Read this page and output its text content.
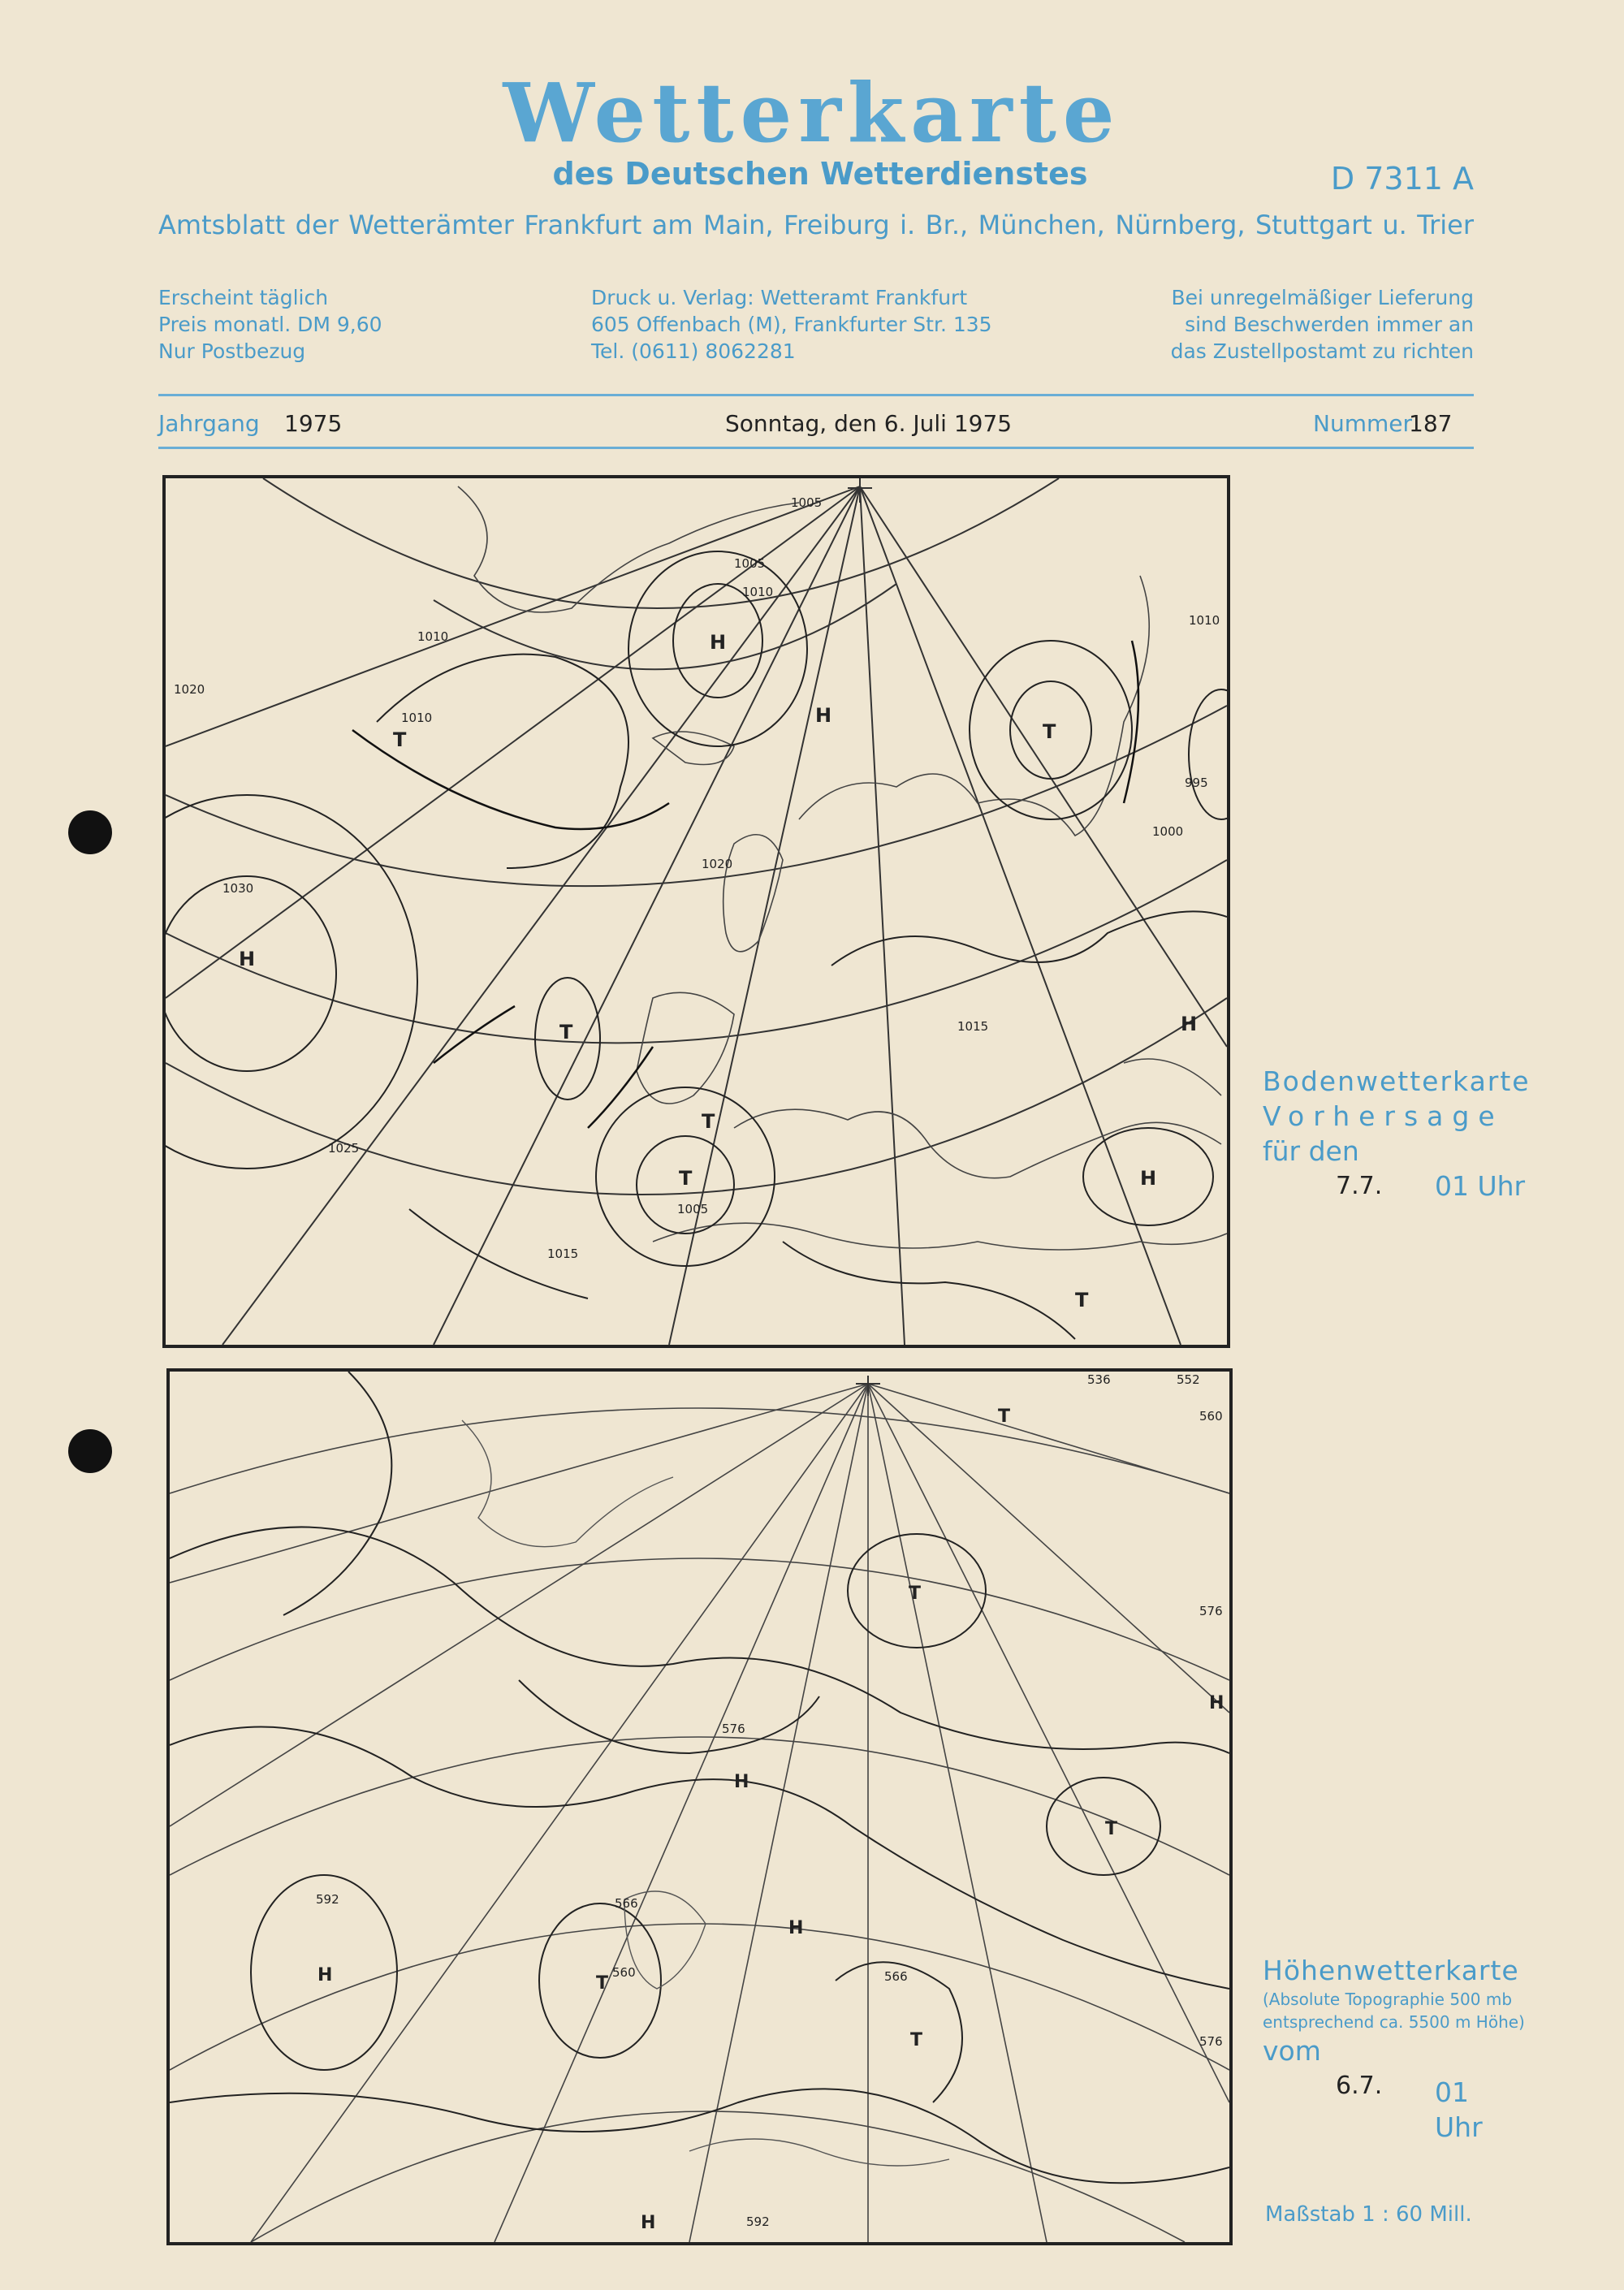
Wetterkarte
des Deutschen Wetterdienstes	D 7311 A
Amtsblatt der Wetterämter Frankfurt am Main, Freiburg i. Br., München, Nürnberg, Stuttgart u. Trier
Erscheint täglich
Preis monatl. DM 9,60
Nur Postbezug
Druck u. Verlag: Wetteramt Frankfurt
605 Offenbach (M), Frankfurter Str. 135
Tel. (0611) 8062281
Bei unregelmäßiger Lieferung
sind Beschwerden immer an
das Zustellpostamt zu richten
Jahrgang 1975	Sonntag, den 6. Juli 1975	Nummer
187
H
H
H
H
H
T
T
T
T
T
T
1005
1005
1010
1010
1010
1020
1030
1025
1015
1015
1000
995
1010
1005
1020
Bodenwetterkarte
Vorhersage
für den
7.7. 01 Uhr
H
H
H
H
H
T
T
T
T
T
592	566
560
576
576
552
536
560
576
592
566	Höhenwetterkarte
(Absolute Topographie 500 mb
entsprechend ca. 5500 m Höhe)
vom
6.7. 01 Uhr
Maßstab 1 : 60 Mill.
